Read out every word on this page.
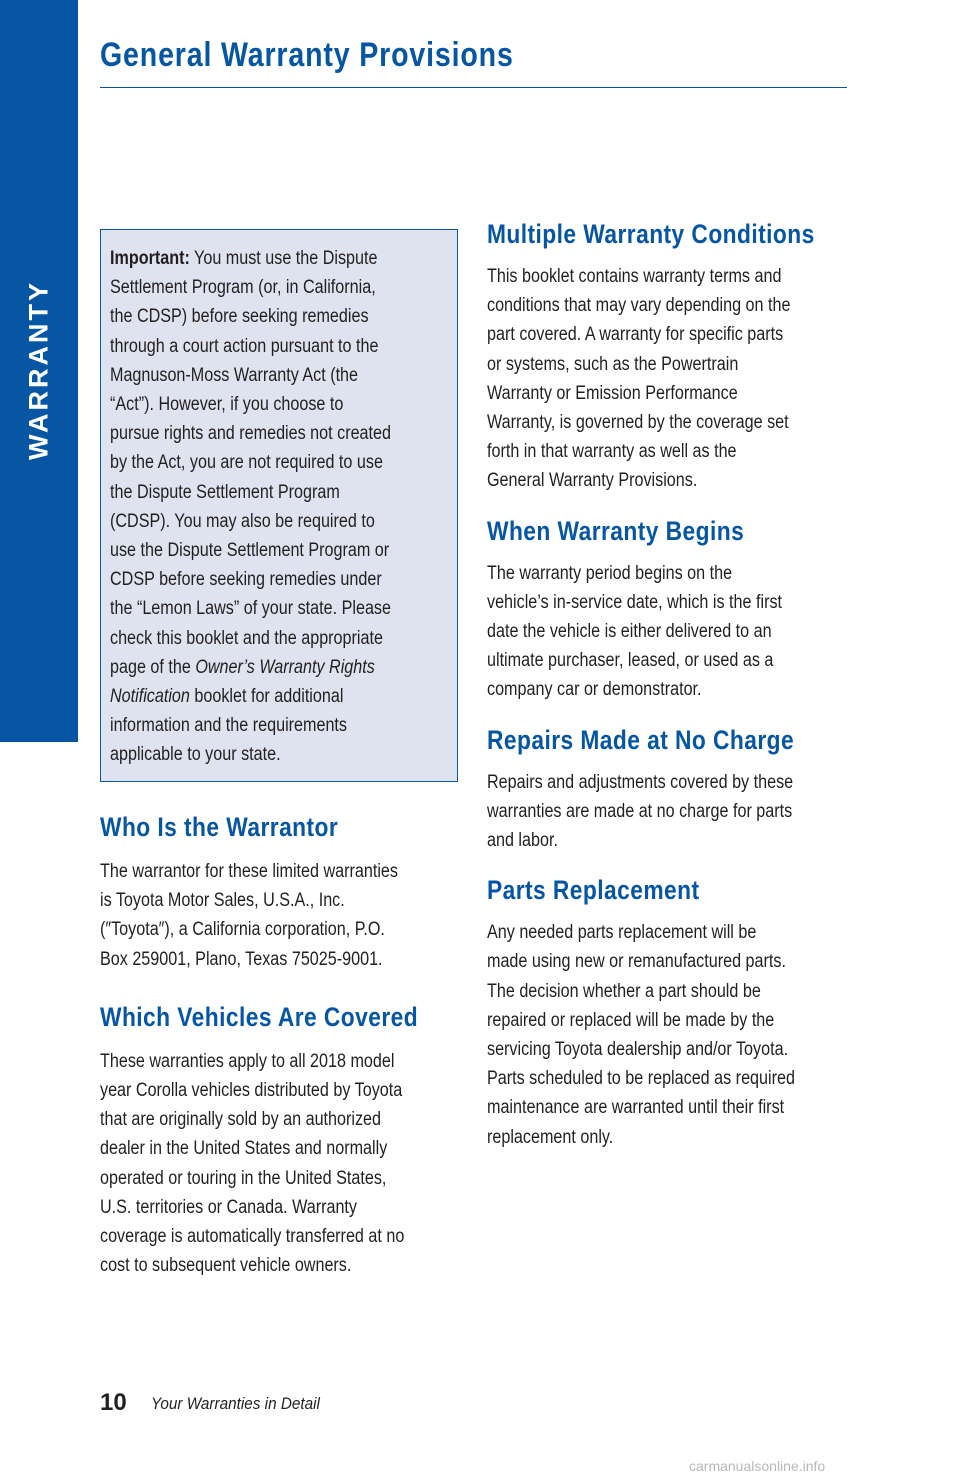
WARRANTY
General Warranty Provisions
Important: You must use the Dispute
Settlement Program (or, in California,
the CDSP) before seeking remedies
through a court action pursuant to the
Magnuson-Moss Warranty Act (the
“Act”). However, if you choose to
pursue rights and remedies not created
by the Act, you are not required to use
the Dispute Settlement Program
(CDSP). You may also be required to
use the Dispute Settlement Program or
CDSP before seeking remedies under
the “Lemon Laws” of your state. Please
check this booklet and the appropriate
page of the Owner’s Warranty Rights
Notification booklet for additional
information and the requirements
applicable to your state.
Who Is the Warrantor
The warrantor for these limited warranties
is Toyota Motor Sales, U.S.A., Inc.
(″Toyota″), a California corporation, P.O.
Box 259001, Plano, Texas 75025-9001.
Which Vehicles Are Covered
These warranties apply to all 2018 model
year Corolla vehicles distributed by Toyota
that are originally sold by an authorized
dealer in the United States and normally
operated or touring in the United States,
U.S. territories or Canada. Warranty
coverage is automatically transferred at no
cost to subsequent vehicle owners.
Multiple Warranty Conditions
This booklet contains warranty terms and
conditions that may vary depending on the
part covered. A warranty for specific parts
or systems, such as the Powertrain
Warranty or Emission Performance
Warranty, is governed by the coverage set
forth in that warranty as well as the
General Warranty Provisions.
When Warranty Begins
The warranty period begins on the
vehicle’s in-service date, which is the first
date the vehicle is either delivered to an
ultimate purchaser, leased, or used as a
company car or demonstrator.
Repairs Made at No Charge
Repairs and adjustments covered by these
warranties are made at no charge for parts
and labor.
Parts Replacement
Any needed parts replacement will be
made using new or remanufactured parts.
The decision whether a part should be
repaired or replaced will be made by the
servicing Toyota dealership and/or Toyota.
Parts scheduled to be replaced as required
maintenance are warranted until their first
replacement only.

10 Your Warranties in Detail

carmanualsonline.info
